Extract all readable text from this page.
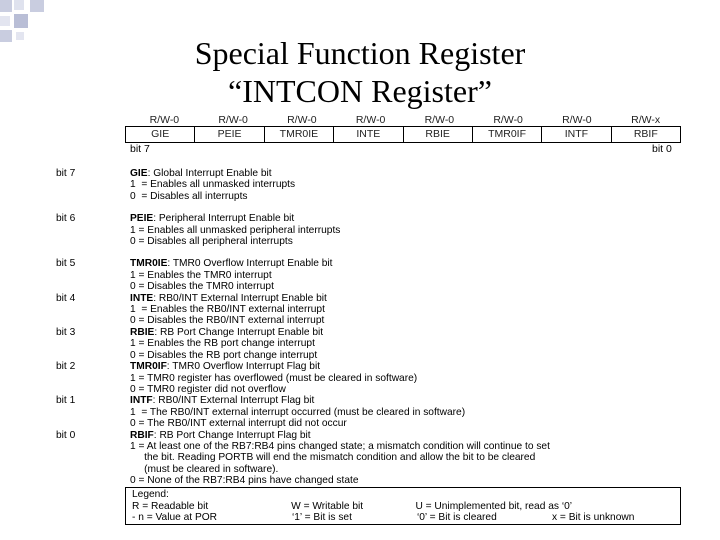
Special Function Register
“INTCON Register”
R/W-0	R/W-0	R/W-0	R/W-0	R/W-0	R/W-0	R/W-0	R/W-x
GIE	PEIE	TMR0IE	INTE	RBIE	TMR0IF	INTF	RBIF
bit 7	bit 0
bit 7	GIE: Global Interrupt Enable bit
1  = Enables all unmasked interrupts
0  = Disables all interrupts
bit 6	PEIE: Peripheral Interrupt Enable bit
1 = Enables all unmasked peripheral interrupts
0 = Disables all peripheral interrupts
bit 5	TMR0IE: TMR0 Overflow Interrupt Enable bit
1 = Enables the TMR0 interrupt
0 = Disables the TMR0 interrupt
bit 4	INTE: RB0/INT External Interrupt Enable bit
1  = Enables the RB0/INT external interrupt
0 = Disables the RB0/INT external interrupt
bit 3	RBIE: RB Port Change Interrupt Enable bit
1 = Enables the RB port change interrupt
0 = Disables the RB port change interrupt
bit 2	TMR0IF: TMR0 Overflow Interrupt Flag bit
1 = TMR0 register has overflowed (must be cleared in software)
0 = TMR0 register did not overflow
bit 1	INTF: RB0/INT External Interrupt Flag bit
1  = The RB0/INT external interrupt occurred (must be cleared in software)
0 = The RB0/INT external interrupt did not occur
bit 0	RBIF: RB Port Change Interrupt Flag bit
1 = At least one of the RB7:RB4 pins changed state; a mismatch condition will continue to set
the bit. Reading PORTB will end the mismatch condition and allow the bit to be cleared
(must be cleared in software).
0 = None of the RB7:RB4 pins have changed state
Legend:
R = Readable bit	W = Writable bit	U = Unimplemented bit, read as ‘0’
- n = Value at POR	‘1’ = Bit is set	‘0’ = Bit is cleared	x = Bit is unknown
